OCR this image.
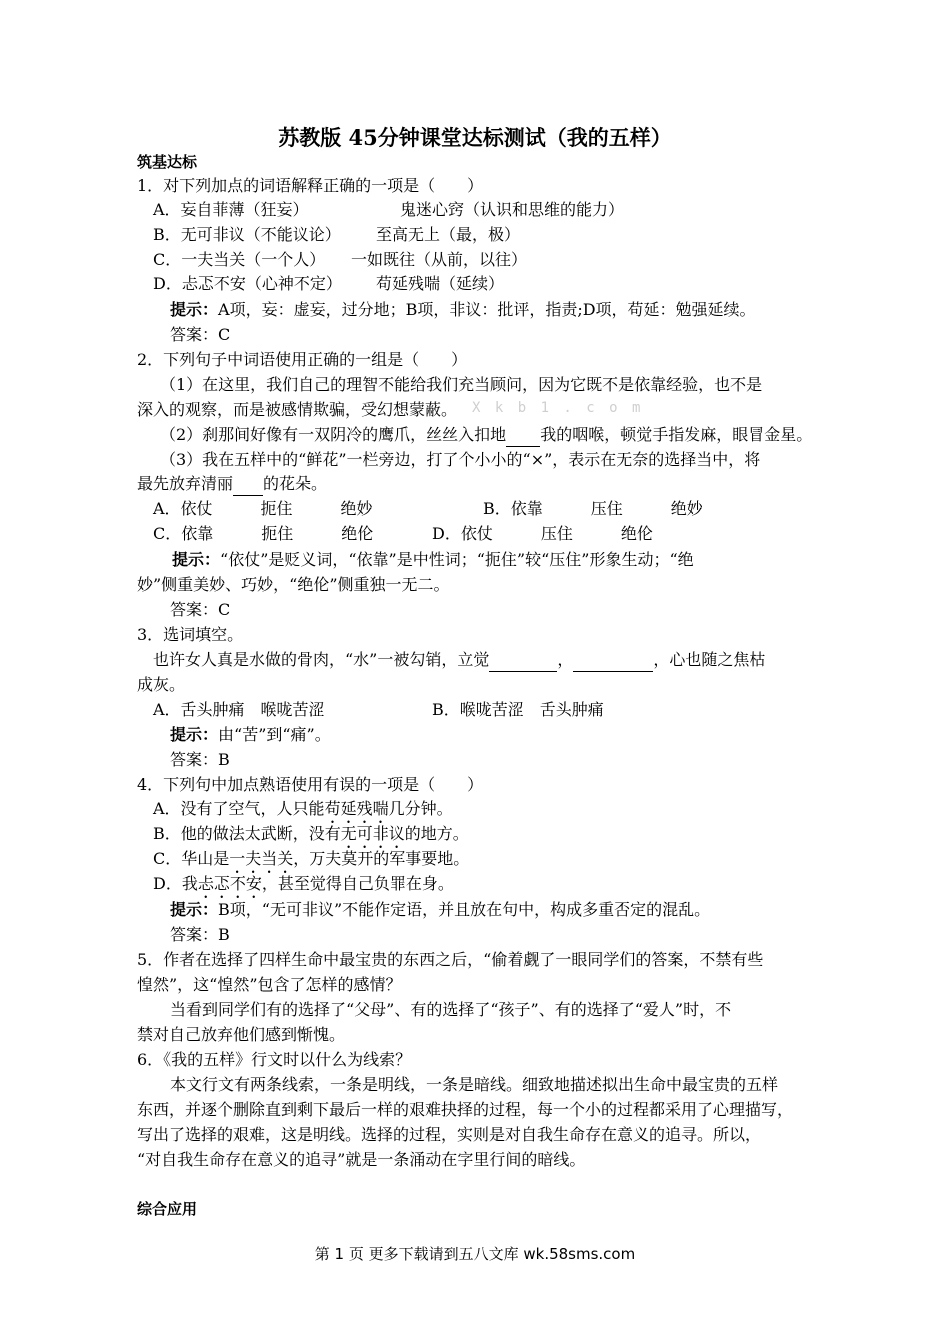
苏教版 45分钟课堂达标测试（我的五样）
筑基达标
1．对下列加点的词语解释正确的一项是（　　）
A．妄自菲薄（狂妄）	鬼迷心窍（认识和思维的能力）
B．无可非议（不能议论） 至高无上（最，极）
C．一夫当关（一个人） 一如既往（从前，以往）
D．忐忑不安（心神不定） 苟延残喘（延续）
提示：A项，妄：虚妄，过分地；B项，非议：批评，指责;D项，苟延：勉强延续。
答案：C
2．下列句子中词语使用正确的一组是（　　）
（1）在这里，我们自己的理智不能给我们充当顾问，因为它既不是依靠经验，也不是
深入的观察，而是被感情欺骗，受幻想蒙蔽。 X k b 1 . c o m
（2）刹那间好像有一双阴冷的鹰爪，丝丝入扣地 我的咽喉，顿觉手指发麻，眼冒金星。
（3）我在五样中的“鲜花”一栏旁边，打了个小小的“×”，表示在无奈的选择当中，将
最先放弃清丽 的花朵。
A．依仗　　　扼住　　　绝妙	B．依靠　　　压住　　　绝妙
C．依靠　　　扼住　　　绝伦	D．依仗　　　压住　　　绝伦
提示：“依仗”是贬义词，“依靠”是中性词；“扼住”较“压住”形象生动；“绝
妙”侧重美妙、巧妙，“绝伦”侧重独一无二。
答案：C
3．选词填空。
也许女人真是水做的骨肉，“水”一被勾销，立觉	，	，心也随之焦枯
成灰。
A．舌头肿痛　喉咙苦涩	B．喉咙苦涩　舌头肿痛
提示：由“苦”到“痛”。
答案：B
4．下列句中加点熟语使用有误的一项是（　　）
A．没有了空气，人只能苟延残喘几分钟。
B．他的做法太武断，没有无可非议的地方。
C．华山是一夫当关，万夫莫开的军事要地。
D．我忐忑不安，甚至觉得自己负罪在身。
提示：B项，“无可非议”不能作定语，并且放在句中，构成多重否定的混乱。
答案：B
5．作者在选择了四样生命中最宝贵的东西之后，“偷着觑了一眼同学们的答案，不禁有些
惶然”，这“惶然”包含了怎样的感情？
当看到同学们有的选择了“父母”、有的选择了“孩子”、有的选择了“爱人”时，不
禁对自己放弃他们感到惭愧。
6．《我的五样》行文时以什么为线索？
本文行文有两条线索，一条是明线，一条是暗线。细致地描述拟出生命中最宝贵的五样
东西，并逐个删除直到剩下最后一样的艰难抉择的过程，每一个小的过程都采用了心理描写，
写出了选择的艰难，这是明线。选择的过程，实则是对自我生命存在意义的追寻。所以，
“对自我生命存在意义的追寻”就是一条涌动在字里行间的暗线。
综合应用
第 1 页 更多下载请到五八文库 wk.58sms.com
